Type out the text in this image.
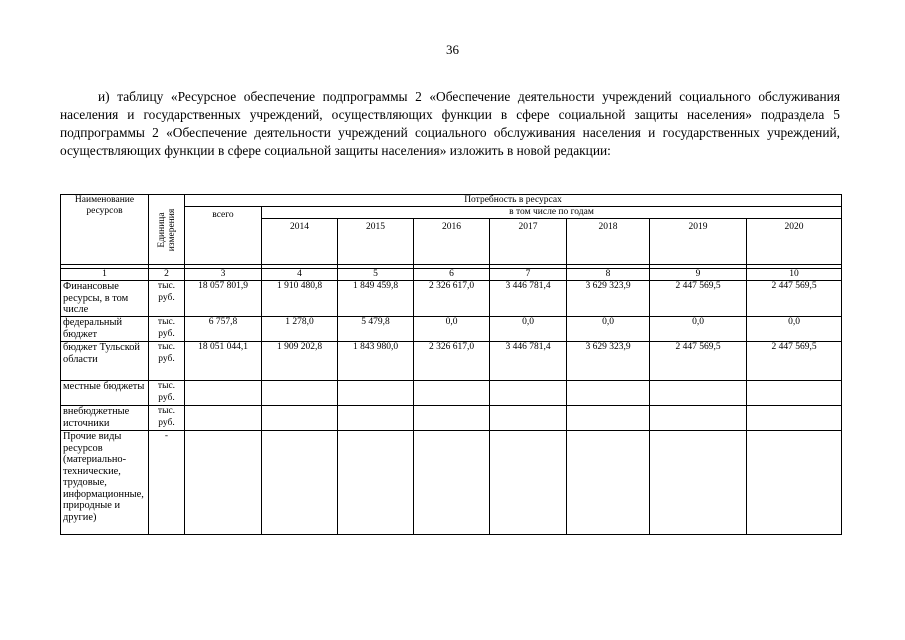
36
и) таблицу «Ресурсное обеспечение подпрограммы 2 «Обеспечение деятельности учреждений социального обслуживания населения и государственных учреждений, осуществляющих функции в сфере социальной защиты населения» подраздела 5 подпрограммы 2 «Обеспечение деятельности учреждений социального обслуживания населения и государственных учреждений, осуществляющих функции в сфере социальной защиты населения» изложить в новой редакции:
Наименование ресурсов	Единица измерения	Потребность в ресурсах							
		всего	в том числе по годам						
			2014	2015	2016	2017	2018	2019	2020

1	2	3	4	5	6	7	8	9	10
Финансовые ресурсы, в том числе	тыс. руб.	18 057 801,9	1 910 480,8	1 849 459,8	2 326 617,0	3 446 781,4	3 629 323,9	2 447 569,5	2 447 569,5
федеральный бюджет	тыс. руб.	6 757,8	1 278,0	5 479,8	0,0	0,0	0,0	0,0	0,0
бюджет Тульской области	тыс. руб.	18 051 044,1	1 909 202,8	1 843 980,0	2 326 617,0	3 446 781,4	3 629 323,9	2 447 569,5	2 447 569,5
местные бюджеты	тыс. руб.								
внебюджетные источники	тыс. руб.								
Прочие виды ресурсов (материально-технические, трудовые, информационные, природные и другие)	-								
